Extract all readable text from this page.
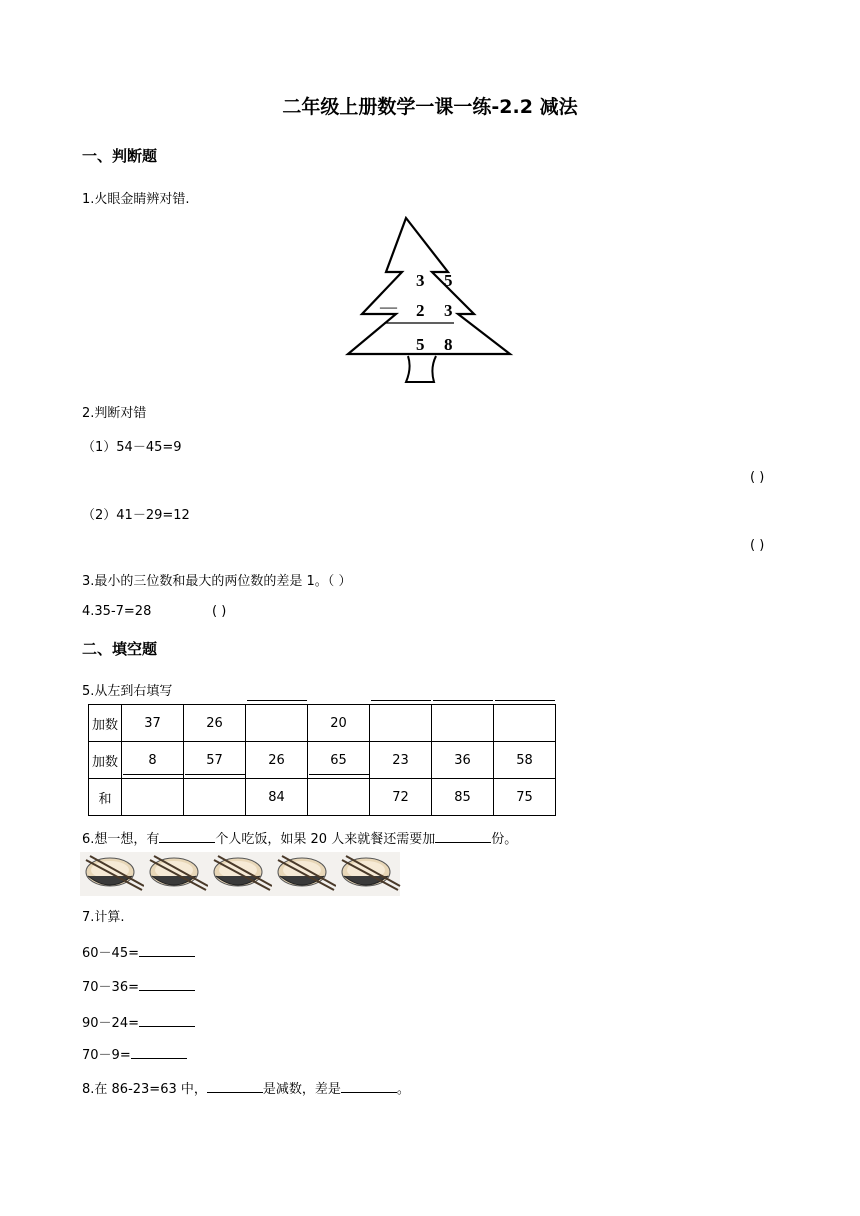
二年级上册数学一课一练-2.2 减法
一、判断题
1.火眼金睛辨对错.
3 5
— 2 3
5 8
2.判断对错
（1）54－45=9
( )
（2）41－29=12
( )
3.最小的三位数和最大的两位数的差是 1。（ ）
4.35-7=28	( )
二、填空题
5.从左到右填写
加数	37	26		20			
加数	8	57	26	65	23	36	58
和			84		72	85	75
6.想一想，有	个人吃饭，如果 20 人来就餐还需要加	份。
7.计算.
60－45=
70－36=
90－24=
70－9=
8.在 86-23=63 中，	是减数，差是	。
